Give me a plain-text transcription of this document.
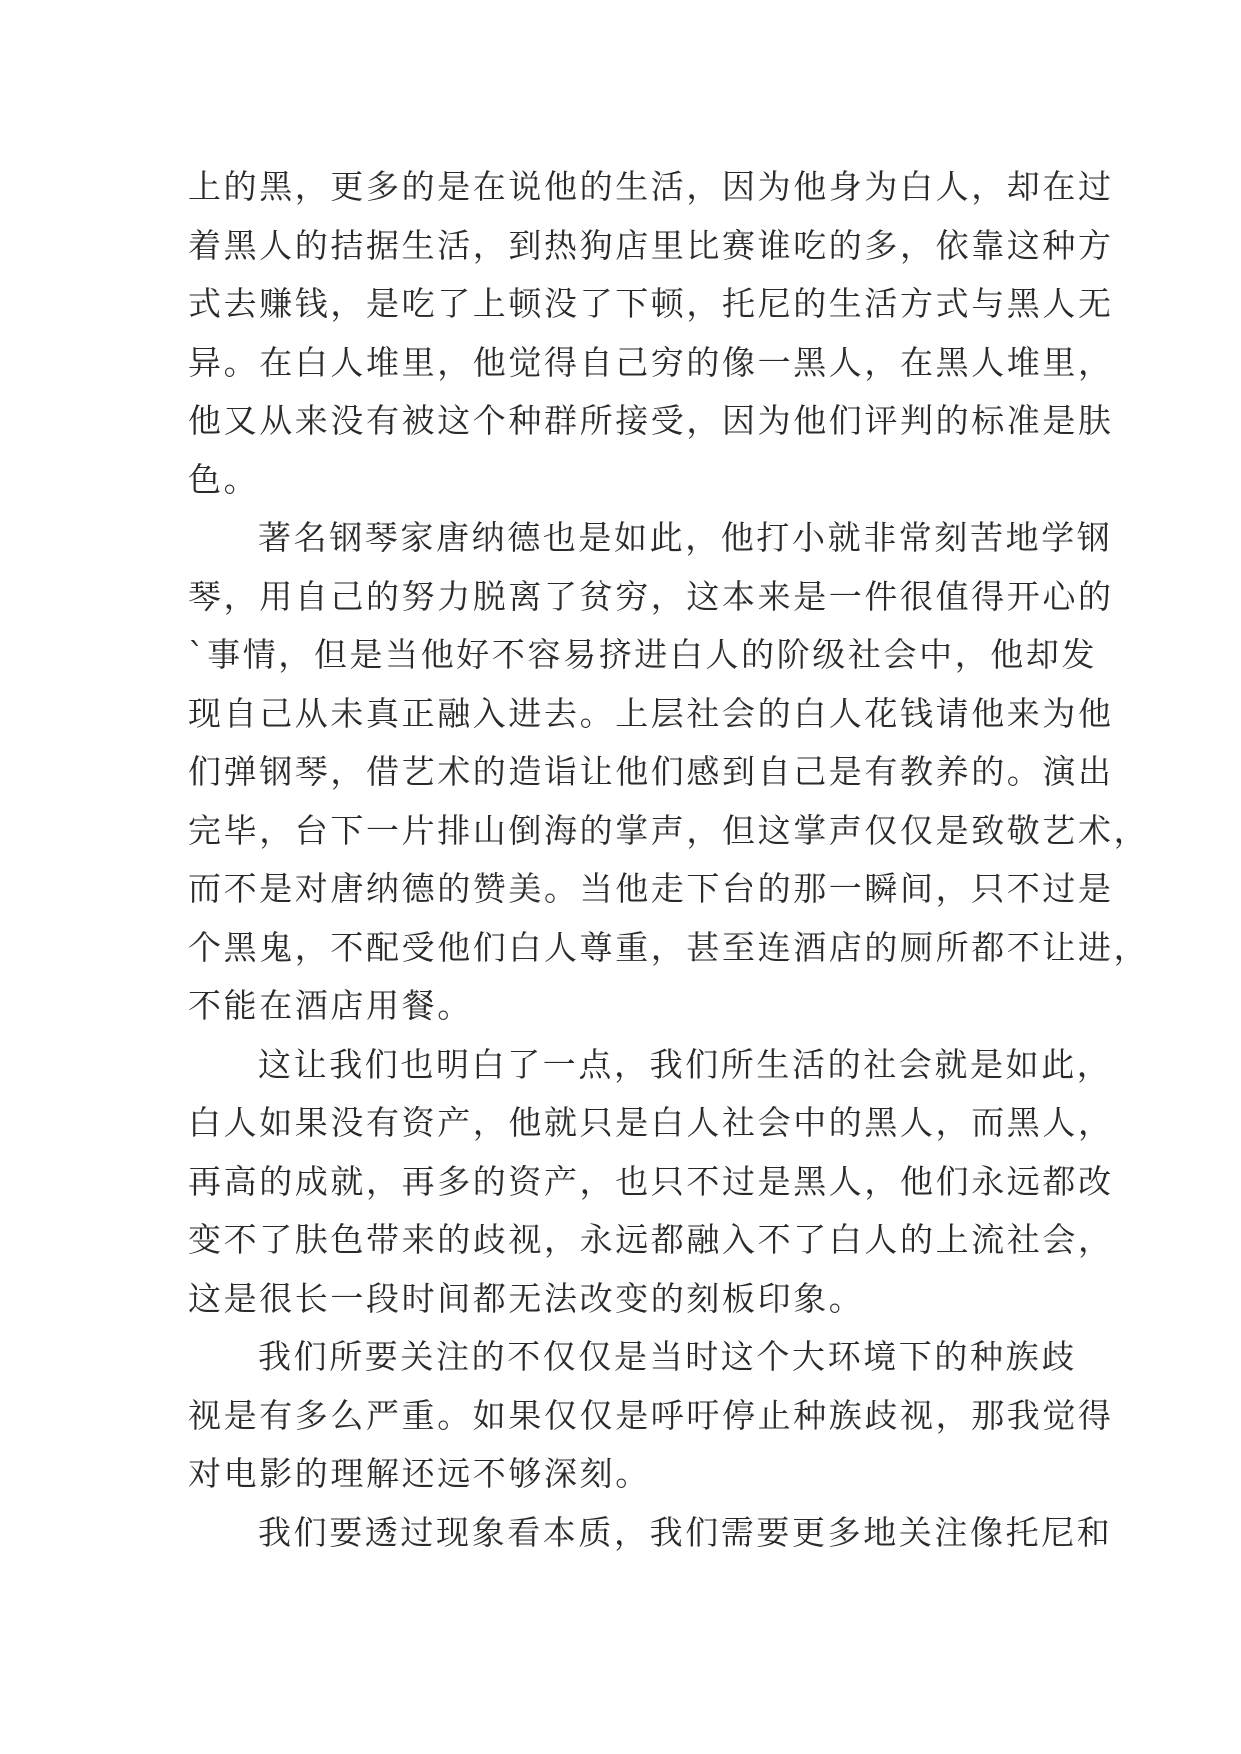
上的黑，更多的是在说他的生活，因为他身为白人，却在过
着黑人的拮据生活，到热狗店里比赛谁吃的多，依靠这种方
式去赚钱，是吃了上顿没了下顿，托尼的生活方式与黑人无
异。在白人堆里，他觉得自己穷的像一黑人，在黑人堆里，
他又从来没有被这个种群所接受，因为他们评判的标准是肤
色。
著名钢琴家唐纳德也是如此，他打小就非常刻苦地学钢
琴，用自己的努力脱离了贫穷，这本来是一件很值得开心的
`事情，但是当他好不容易挤进白人的阶级社会中，他却发
现自己从未真正融入进去。上层社会的白人花钱请他来为他
们弹钢琴，借艺术的造诣让他们感到自己是有教养的。演出
完毕，台下一片排山倒海的掌声，但这掌声仅仅是致敬艺术，
而不是对唐纳德的赞美。当他走下台的那一瞬间，只不过是
个黑鬼，不配受他们白人尊重，甚至连酒店的厕所都不让进，
不能在酒店用餐。
这让我们也明白了一点，我们所生活的社会就是如此，
白人如果没有资产，他就只是白人社会中的黑人，而黑人，
再高的成就，再多的资产，也只不过是黑人，他们永远都改
变不了肤色带来的歧视，永远都融入不了白人的上流社会，
这是很长一段时间都无法改变的刻板印象。
我们所要关注的不仅仅是当时这个大环境下的种族歧
视是有多么严重。如果仅仅是呼吁停止种族歧视，那我觉得
对电影的理解还远不够深刻。
我们要透过现象看本质，我们需要更多地关注像托尼和
